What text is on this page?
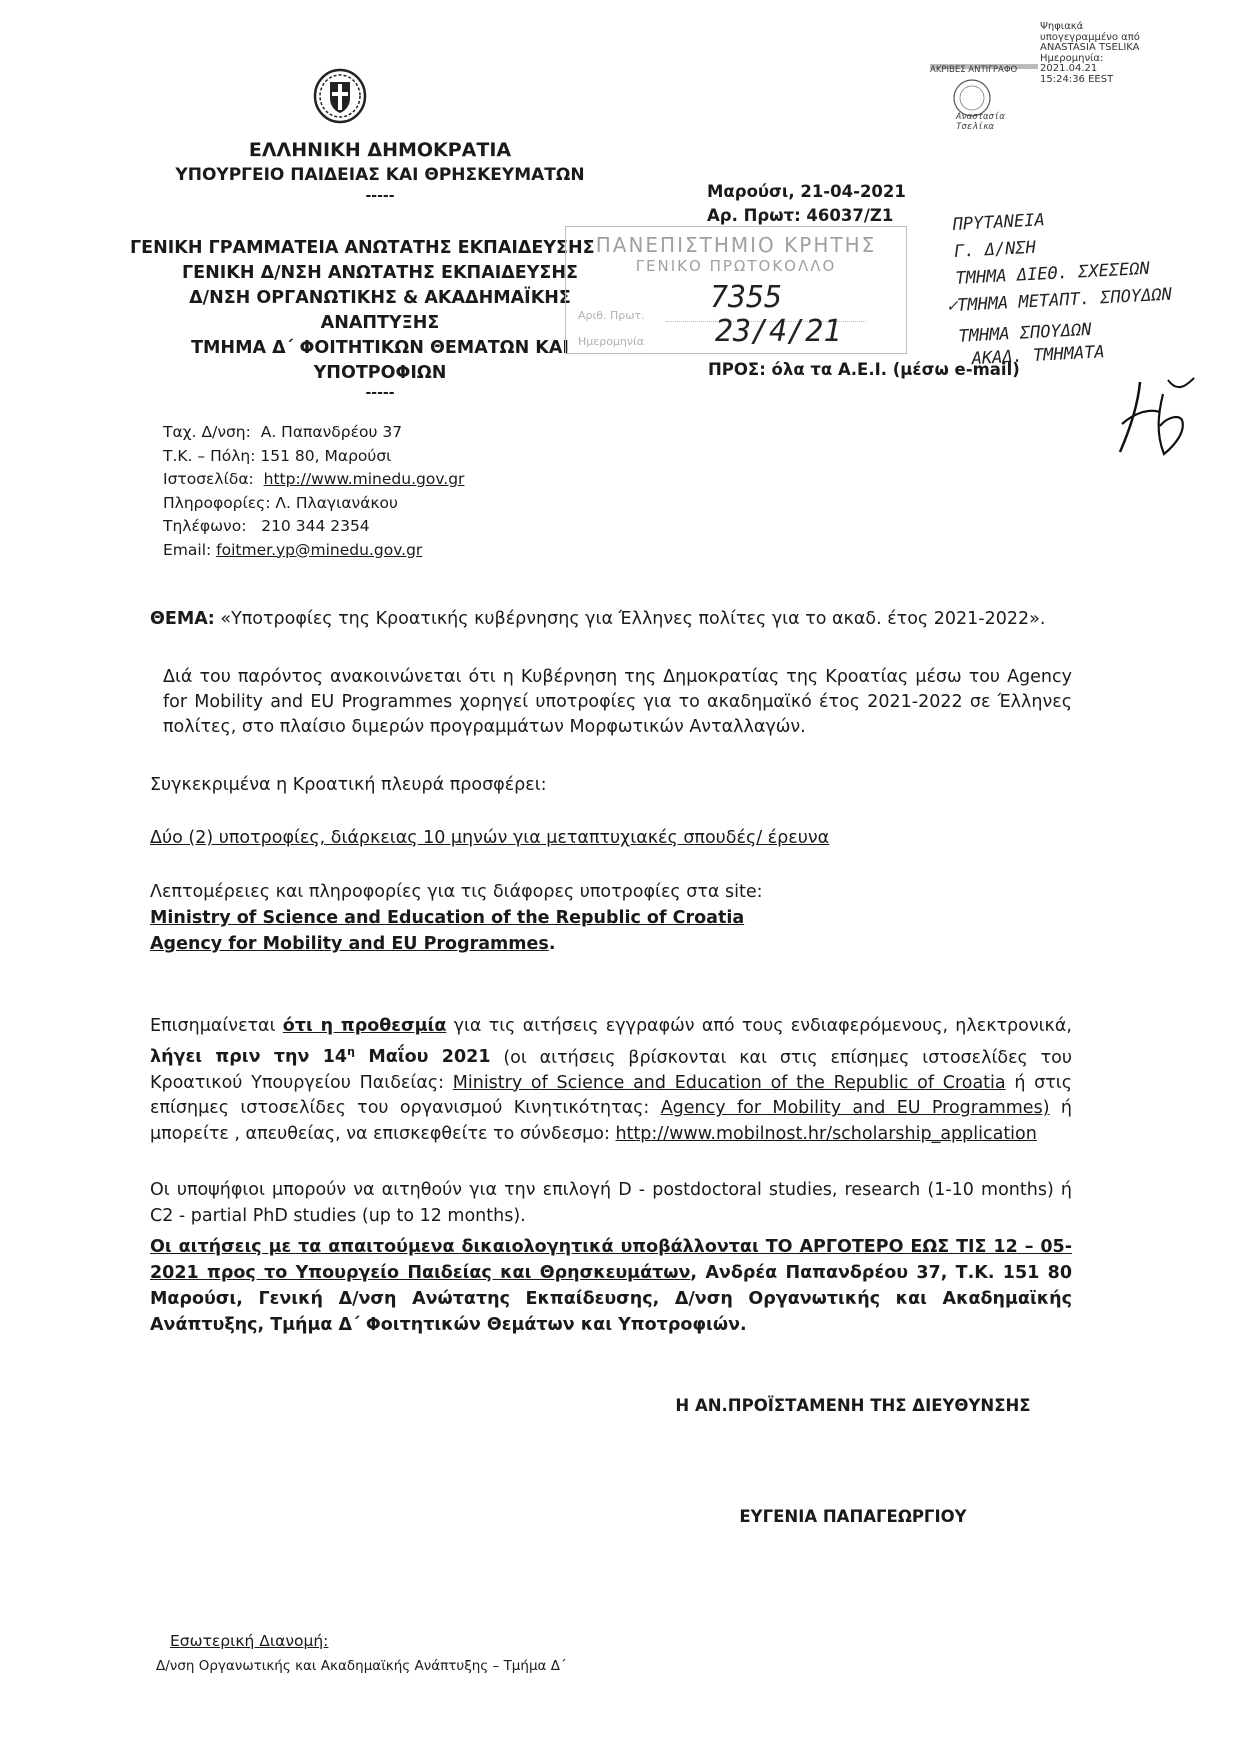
ΕΛΛΗΝΙΚΗ ΔΗΜΟΚΡΑΤΙΑ
ΥΠΟΥΡΓΕΙΟ ΠΑΙΔΕΙΑΣ ΚΑΙ ΘΡΗΣΚΕΥΜΑΤΩΝ
-----
ΓΕΝΙΚΗ ΓΡΑΜΜΑΤΕΙΑ ΑΝΩΤΑΤΗΣ ΕΚΠΑΙΔΕΥΣΗΣ
ΓΕΝΙΚΗ Δ/ΝΣΗ ΑΝΩΤΑΤΗΣ ΕΚΠΑΙΔΕΥΣΗΣ
Δ/ΝΣΗ ΟΡΓΑΝΩΤΙΚΗΣ & ΑΚΑΔΗΜΑΪΚΗΣ
ΑΝΑΠΤΥΞΗΣ
ΤΜΗΜΑ Δ΄ ΦΟΙΤΗΤΙΚΩΝ ΘΕΜΑΤΩΝ ΚΑΙ
ΥΠΟΤΡΟΦΙΩΝ
-----
Ταχ. Δ/νση: Α. Παπανδρέου 37
Τ.Κ. – Πόλη: 151 80, Μαρούσι
Ιστοσελίδα: http://www.minedu.gov.gr
Πληροφορίες: Λ. Πλαγιανάκου
Τηλέφωνο: 210 344 2354
Email: foitmer.yp@minedu.gov.gr
Μαρούσι, 21-04-2021
Αρ. Πρωτ: 46037/Ζ1
ΠΑΝΕΠΙΣΤΗΜΙΟ ΚΡΗΤΗΣ
ΓΕΝΙΚΟ ΠΡΩΤΟΚΟΛΛΟ
Αριθ. Πρωτ.
Ημερομηνία
7355
23/4/21
ΠΡΟΣ: όλα τα Α.Ε.Ι. (μέσω e-mail)
ΠΡΥΤΑΝΕΙΑ
Γ. Δ/ΝΣΗ
ΤΜΗΜΑ ΔΙΕΘ. ΣΧΕΣΕΩΝ
✓ΤΜΗΜΑ ΜΕΤΑΠΤ. ΣΠΟΥΔΩΝ
ΤΜΗΜΑ ΣΠΟΥΔΩΝ
ΑΚΑΔ. ΤΜΗΜΑΤΑ
ΑΚΡΙΒΕΣ ΑΝΤΙΓΡΑΦΟ
Αναστασία Τσελίκα
Ψηφιακά
υπογεγραμμένο από
ANASTASIA TSELIKA
Ημερομηνία:
2021.04.21
15:24:36 EEST
ΘΕΜΑ: «Υποτροφίες της Κροατικής κυβέρνησης για Έλληνες πολίτες για το ακαδ. έτος 2021-2022».
Διά του παρόντος ανακοινώνεται ότι η Κυβέρνηση της Δημοκρατίας της Κροατίας μέσω του Agency for Mobility and EU Programmes χορηγεί υποτροφίες για το ακαδημαϊκό έτος 2021-2022 σε Έλληνες πολίτες, στο πλαίσιο διμερών προγραμμάτων Μορφωτικών Ανταλλαγών.
Συγκεκριμένα η Κροατική πλευρά προσφέρει:
Δύο (2) υποτροφίες, διάρκειας 10 μηνών για μεταπτυχιακές σπουδές/ έρευνα
Λεπτομέρειες και πληροφορίες για τις διάφορες υποτροφίες στα site:
Ministry of Science and Education of the Republic of Croatia
Agency for Mobility and EU Programmes.
Επισημαίνεται ότι η προθεσμία για τις αιτήσεις εγγραφών από τους ενδιαφερόμενους, ηλεκτρονικά, λήγει πριν την $14^\eta$ Μαΐου 2021 (οι αιτήσεις βρίσκονται και στις επίσημες ιστοσελίδες του Κροατικού Υπουργείου Παιδείας: Ministry of Science and Education of the Republic of Croatia ή στις επίσημες ιστοσελίδες του οργανισμού Κινητικότητας: Agency for Mobility and EU Programmes) ή μπορείτε , απευθείας, να επισκεφθείτε το σύνδεσμο: http://www.mobilnost.hr/scholarship_application
Οι υποψήφιοι μπορούν να αιτηθούν για την επιλογή D - postdoctoral studies, research (1-10 months) ή C2 - partial PhD studies (up to 12 months).
Οι αιτήσεις με τα απαιτούμενα δικαιολογητικά υποβάλλονται ΤΟ ΑΡΓΟΤΕΡΟ ΕΩΣ ΤΙΣ 12 – 05- 2021 προς το Υπουργείο Παιδείας και Θρησκευμάτων, Ανδρέα Παπανδρέου 37, Τ.Κ. 151 80 Μαρούσι, Γενική Δ/νση Ανώτατης Εκπαίδευσης, Δ/νση Οργανωτικής και Ακαδημαϊκής Ανάπτυξης, Τμήμα Δ΄ Φοιτητικών Θεμάτων και Υποτροφιών.
Η ΑΝ.ΠΡΟΪΣΤΑΜΕΝΗ ΤΗΣ ΔΙΕΥΘΥΝΣΗΣ
ΕΥΓΕΝΙΑ ΠΑΠΑΓΕΩΡΓΙΟΥ
Εσωτερική Διανομή:
Δ/νση Οργανωτικής και Ακαδημαϊκής Ανάπτυξης – Τμήμα Δ΄
